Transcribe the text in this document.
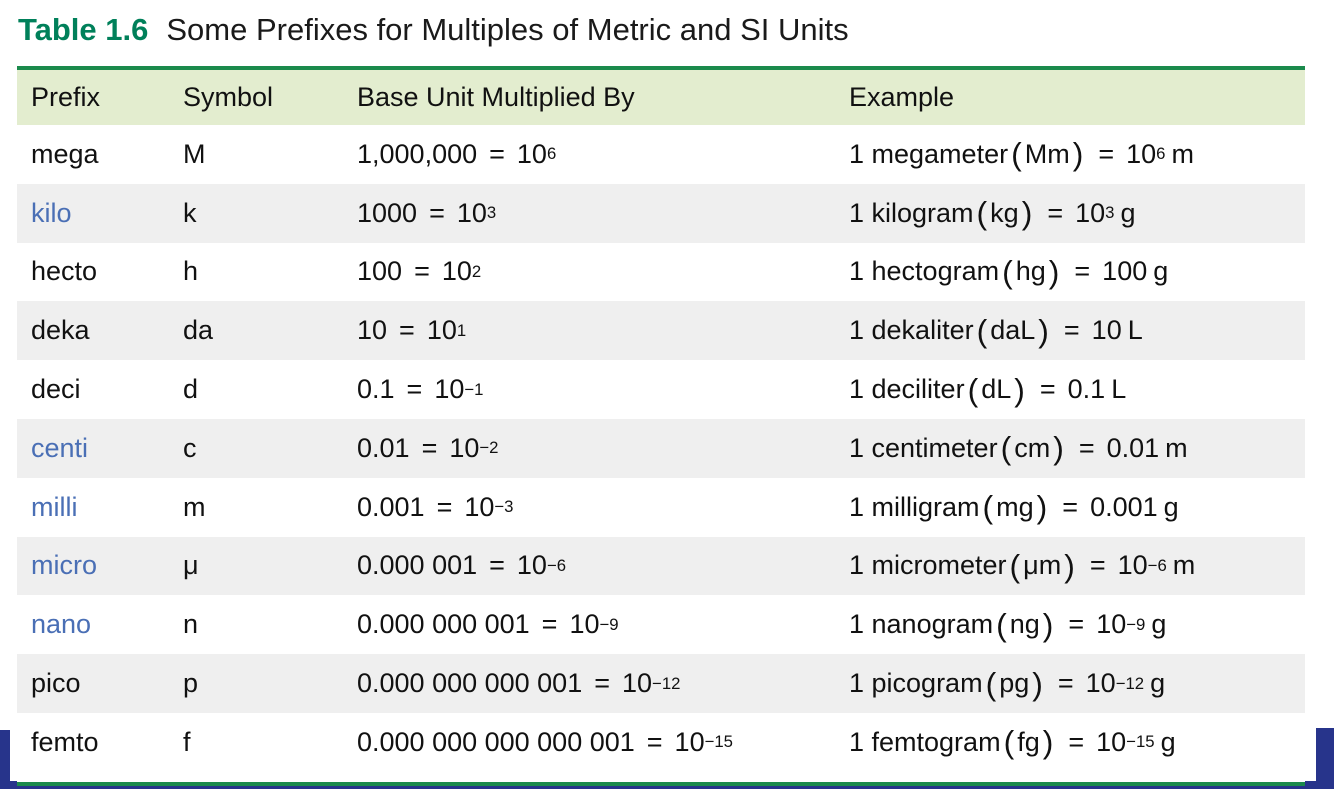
Table 1.6 Some Prefixes for Multiples of Metric and SI Units
Prefix	Symbol	Base Unit Multiplied By	Example
mega	M	1,000,000 = 10 6	1 megameter ( Mm ) = 10 6 m
kilo	k	1000 = 10 3	1 kilogram ( kg ) = 10 3 g
hecto	h	100 = 10 2	1 hectogram ( hg ) = 100 g
deka	da	10 = 10 1	1 dekaliter ( daL ) = 10 L
deci	d	0.1 = 10 −1	1 deciliter ( dL ) = 0.1 L
centi	c	0.01 = 10 −2	1 centimeter ( cm ) = 0.01 m
milli	m	0.001 = 10 −3	1 milligram ( mg ) = 0.001 g
micro	μ	0.000 001 = 10 −6	1 micrometer ( μm ) = 10 −6 m
nano	n	0.000 000 001 = 10 −9	1 nanogram ( ng ) = 10 −9 g
pico	p	0.000 000 000 001 = 10 −12	1 picogram ( pg ) = 10 −12 g
femto	f	0.000 000 000 000 001 = 10 −15	1 femtogram ( fg ) = 10 −15 g
